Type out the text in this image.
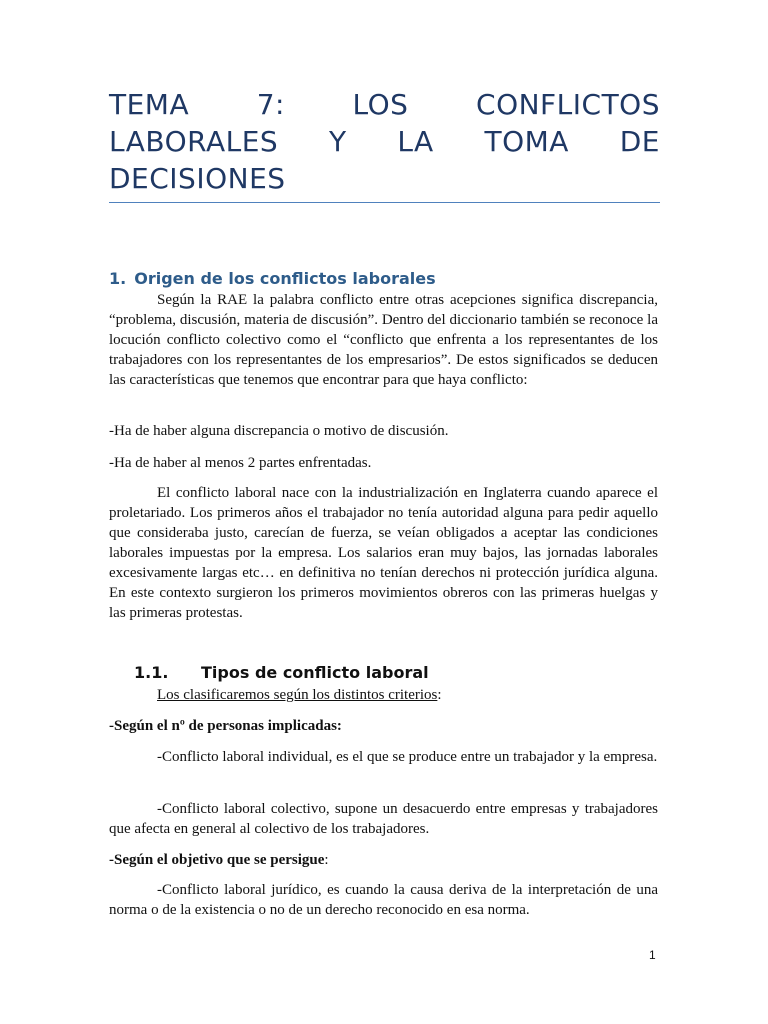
TEMA 7: LOS CONFLICTOS
LABORALES Y LA TOMA DE
DECISIONES
1. Origen de los conflictos laborales

Según la RAE la palabra conflicto entre otras acepciones significa discrepancia, “problema, discusión, materia de discusión”. Dentro del diccionario también se reconoce la locución conflicto colectivo como el “conflicto que enfrenta a los representantes de los trabajadores con los representantes de los empresarios”. De estos significados se deducen las características que tenemos que encontrar para que haya conflicto:

-Ha de haber alguna discrepancia o motivo de discusión.

-Ha de haber al menos 2 partes enfrentadas.

El conflicto laboral nace con la industrialización en Inglaterra cuando aparece el proletariado. Los primeros años el trabajador no tenía autoridad alguna para pedir aquello que consideraba justo, carecían de fuerza, se veían obligados a aceptar las condiciones laborales impuestas por la empresa. Los salarios eran muy bajos, las jornadas laborales excesivamente largas etc… en definitiva no tenían derechos ni protección jurídica alguna. En este contexto surgieron los primeros movimientos obreros con las primeras huelgas y las primeras protestas.

1.1.	Tipos de conflicto laboral

Los clasificaremos según los distintos criterios:

-Según el nº de personas implicadas:

-Conflicto laboral individual, es el que se produce entre un trabajador y la empresa.

-Conflicto laboral colectivo, supone un desacuerdo entre empresas y trabajadores que afecta en general al colectivo de los trabajadores.

-Según el objetivo que se persigue:

-Conflicto laboral jurídico, es cuando la causa deriva de la interpretación de una norma o de la existencia o no de un derecho reconocido en esa norma.

1
